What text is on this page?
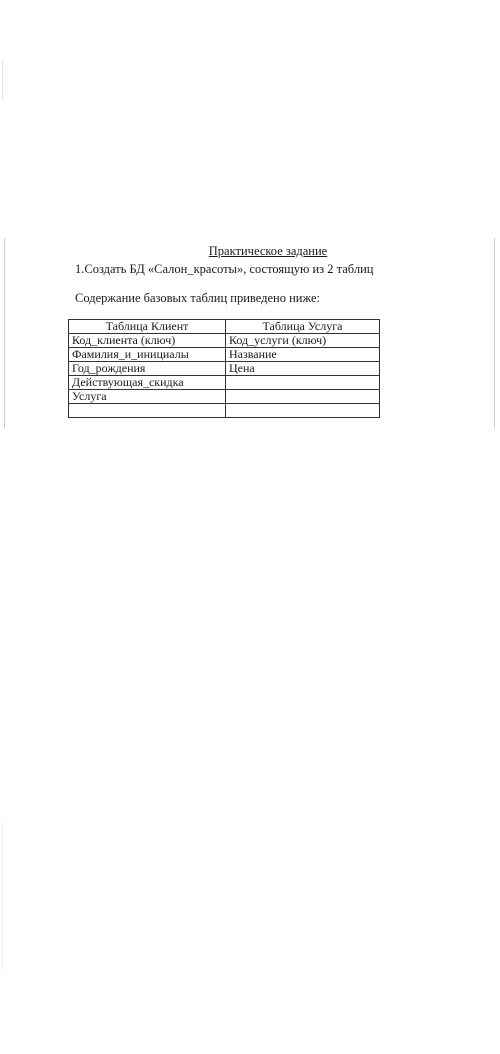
Практическое задание
1.Создать БД «Салон_красоты», состоящую из 2 таблиц
Содержание базовых таблиц приведено ниже:
Таблица Клиент	Таблица Услуга
Код_клиента (ключ)	Код_услуги (ключ)
Фамилия_и_инициалы	Название
Год_рождения	Цена
Действующая_скидка	
Услуга	
